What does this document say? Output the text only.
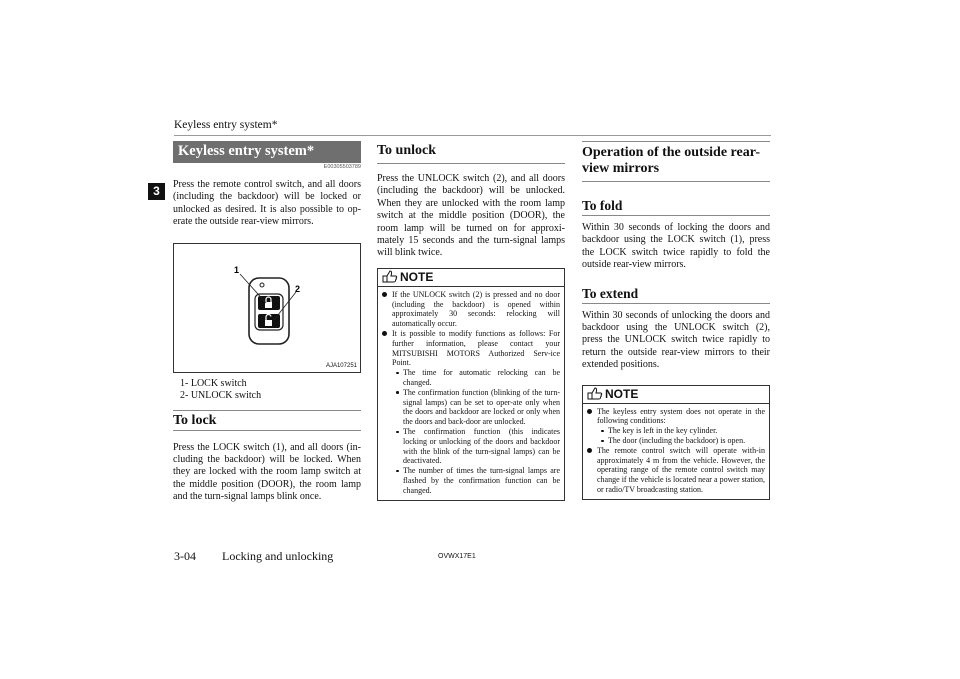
Keyless entry system*
3
Keyless entry system*
E00305503789

Press the remote control switch, and all doors (including the backdoor) will be locked or unlocked as desired. It is also possible to op-erate the outside rear-view mirrors.

1
2
AJA107251
1- LOCK switch
2- UNLOCK switch
To lock

Press the LOCK switch (1), and all doors (in-cluding the backdoor) will be locked. When they are locked with the room lamp switch at the middle position (DOOR), the room lamp and the turn-signal lamps blink once.

To unlock

Press the UNLOCK switch (2), and all doors (including the backdoor) will be unlocked. When they are unlocked with the room lamp switch at the middle position (DOOR), the room lamp will be turned on for approxi-mately 15 seconds and the turn-signal lamps will blink twice.

NOTE
If the UNLOCK switch (2) is pressed and no door (including the backdoor) is opened within approximately 30 seconds: relocking will automatically occur.
It is possible to modify functions as follows: For further information, please contact your MITSUBISHI MOTORS Authorized Serv-ice Point.
The time for automatic relocking can be changed.
The confirmation function (blinking of the turn-signal lamps) can be set to oper-ate only when the doors and backdoor are locked or only when the doors and back-door are unlocked.
The confirmation function (this indicates locking or unlocking of the doors and backdoor with the blink of the turn-signal lamps) can be deactivated.
The number of times the turn-signal lamps are flashed by the confirmation function can be changed.
Operation of the outside rear-
view mirrors
To fold

Within 30 seconds of locking the doors and backdoor using the LOCK switch (1), press the LOCK switch twice rapidly to fold the outside rear-view mirrors.

To extend

Within 30 seconds of unlocking the doors and backdoor using the UNLOCK switch (2), press the UNLOCK switch twice rapidly to return the outside rear-view mirrors to their extended positions.

NOTE
The keyless entry system does not operate in the following conditions:
The key is left in the key cylinder.
The door (including the backdoor) is open.
The remote control switch will operate with-in approximately 4 m from the vehicle. However, the operating range of the remote control switch may change if the vehicle is located near a power station, or radio/TV broadcasting station.
3-04 Locking and unlocking	OVWX17E1
